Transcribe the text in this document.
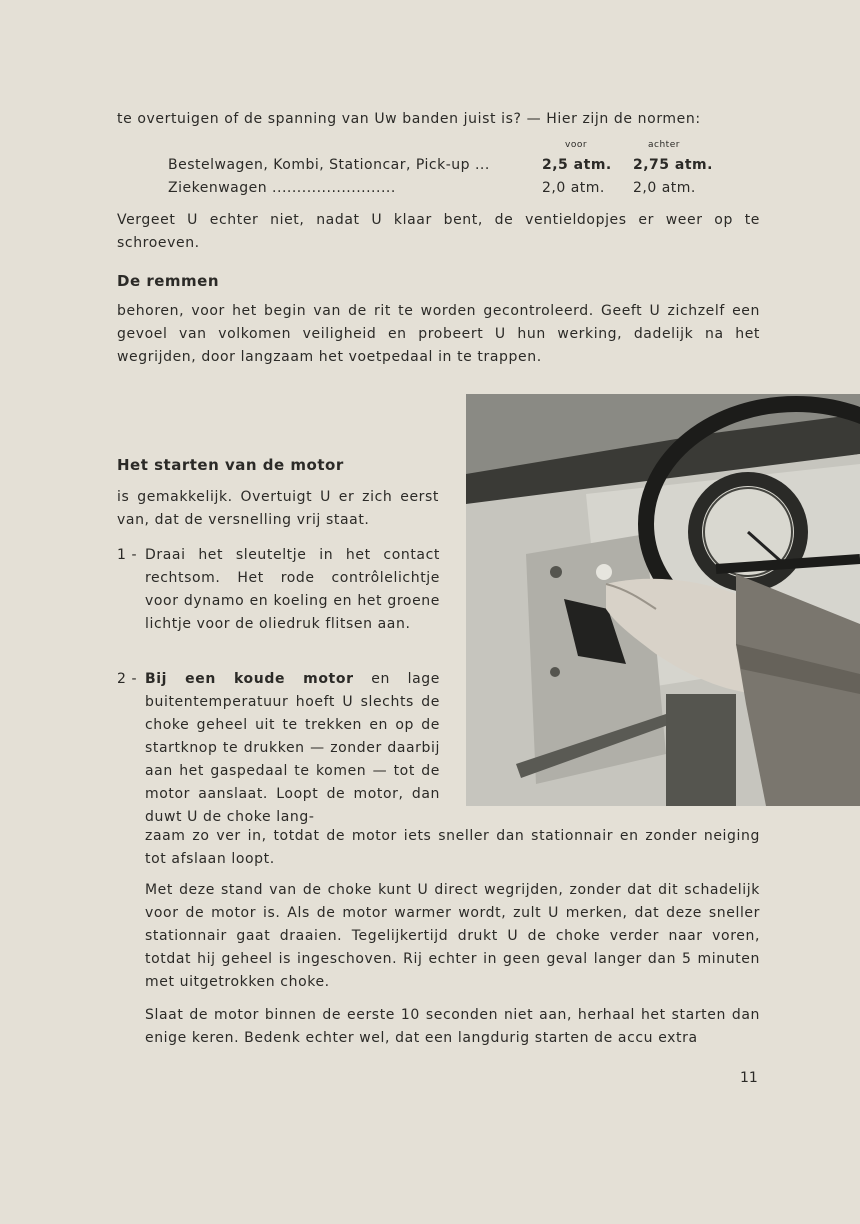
te overtuigen of de spanning van Uw banden juist is? — Hier zijn de normen:
voor	achter
Bestelwagen, Kombi, Stationcar, Pick-up ...	2,5 atm. 2,75 atm.
Ziekenwagen .........................	2,0 atm. 2,0 atm.
Vergeet U echter niet, nadat U klaar bent, de ventieldopjes er weer op te schroeven.
De remmen
behoren, voor het begin van de rit te worden gecontroleerd. Geeft U zichzelf een gevoel van volkomen veiligheid en probeert U hun werking, dadelijk na het wegrijden, door langzaam het voetpedaal in te trappen.
Het starten van de motor
is gemakkelijk. Overtuigt U er zich eerst van, dat de versnelling vrij staat.
1 - Draai het sleuteltje in het contact rechtsom. Het rode contrôlelichtje voor dynamo en koeling en het groene lichtje voor de oliedruk flitsen aan.
2 - Bij een koude motor en lage buitentemperatuur hoeft U slechts de choke geheel uit te trekken en op de startknop te drukken — zonder daarbij aan het gaspedaal te komen — tot de motor aanslaat. Loopt de motor, dan duwt U de choke lang-
zaam zo ver in, totdat de motor iets sneller dan stationnair en zonder neiging tot afslaan loopt.
Met deze stand van de choke kunt U direct wegrijden, zonder dat dit schadelijk voor de motor is. Als de motor warmer wordt, zult U merken, dat deze sneller stationnair gaat draaien. Tegelijkertijd drukt U de choke verder naar voren, totdat hij geheel is ingeschoven. Rij echter in geen geval langer dan 5 minuten met uitgetrokken choke.
Slaat de motor binnen de eerste 10 seconden niet aan, herhaal het starten dan enige keren. Bedenk echter wel, dat een langdurig starten de accu extra
11
